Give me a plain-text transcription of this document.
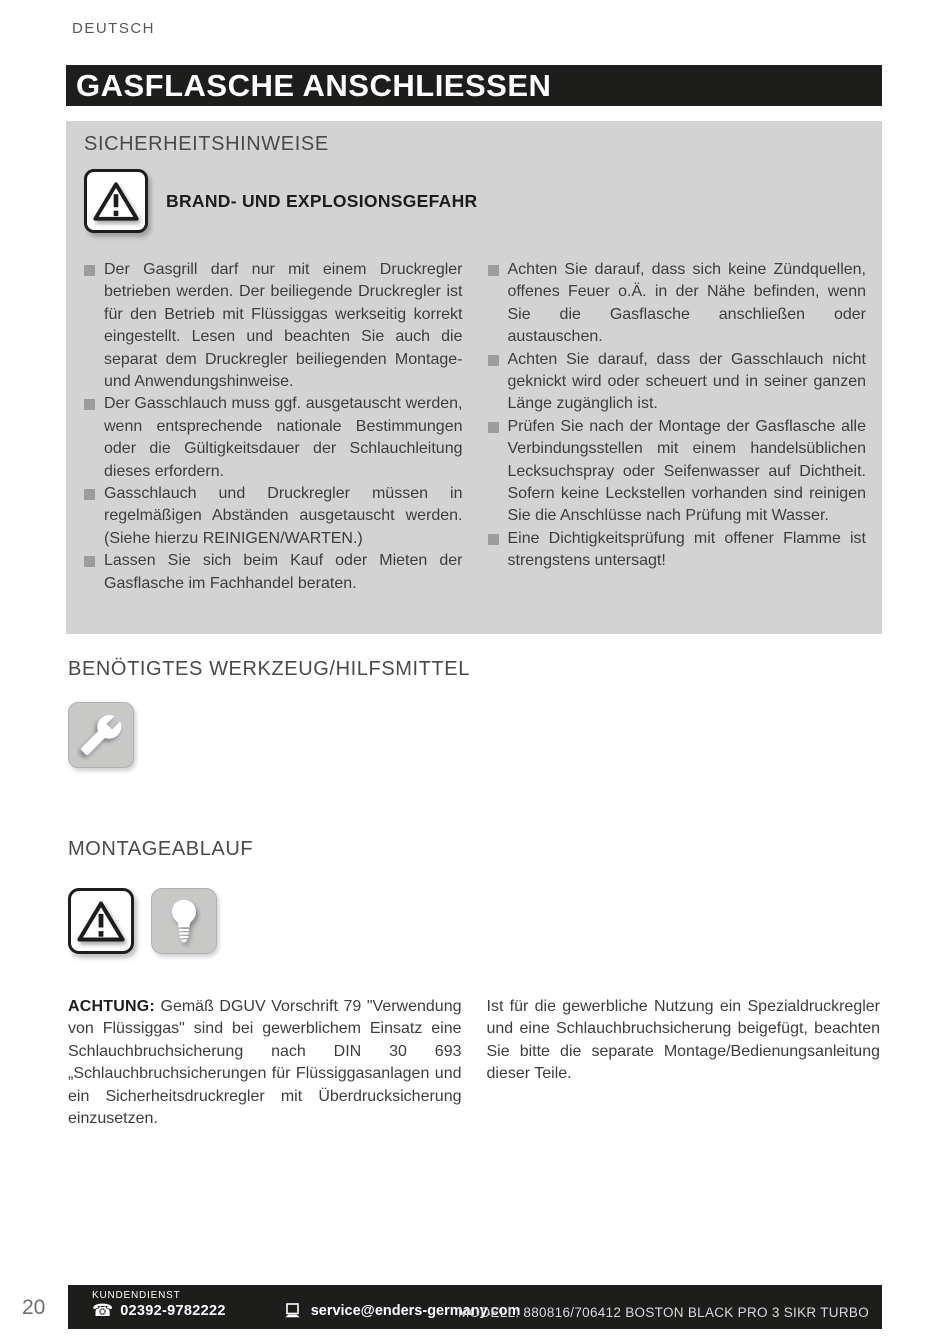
DEUTSCH
GASFLASCHE ANSCHLIESSEN
SICHERHEITSHINWEISE
BRAND- UND EXPLOSIONSGEFAHR
Der Gasgrill darf nur mit einem Druckregler betrieben werden. Der beiliegende Druckregler ist für den Betrieb mit Flüssiggas werkseitig korrekt eingestellt. Lesen und beachten Sie auch die separat dem Druckregler beiliegenden Montage- und Anwendungshinweise.
Der Gasschlauch muss ggf. ausgetauscht werden, wenn entsprechende nationale Bestimmungen oder die Gültigkeitsdauer der Schlauchleitung dieses erfordern.
Gasschlauch und Druckregler müssen in regelmäßigen Abständen ausgetauscht werden. (Siehe hierzu REINIGEN/WARTEN.)
Lassen Sie sich beim Kauf oder Mieten der Gasflasche im Fachhandel beraten.
Achten Sie darauf, dass sich keine Zündquellen, offenes Feuer o.Ä. in der Nähe befinden, wenn Sie die Gasflasche anschließen oder austauschen.
Achten Sie darauf, dass der Gasschlauch nicht geknickt wird oder scheuert und in seiner ganzen Länge zugänglich ist.
Prüfen Sie nach der Montage der Gasflasche alle Verbindungsstellen mit einem handelsüblichen Lecksuchspray oder Seifenwasser auf Dichtheit. Sofern keine Leckstellen vorhanden sind reinigen Sie die Anschlüsse nach Prüfung mit Wasser.
Eine Dichtigkeitsprüfung mit offener Flamme ist strengstens untersagt!
BENÖTIGTES WERKZEUG/HILFSMITTEL
MONTAGEABLAUF

ACHTUNG: Gemäß DGUV Vorschrift 79 "Verwendung von Flüssiggas" sind bei gewerblichem Einsatz eine Schlauchbruchsicherung nach DIN 30 693 „Schlauchbruchsicherungen für Flüssiggasanlagen und ein Sicherheitsdruckregler mit Überdrucksicherung einzusetzen.

Ist für die gewerbliche Nutzung ein Spezialdruckregler und eine Schlauchbruchsicherung beigefügt, beachten Sie bitte die separate Montage/Bedienungsanleitung dieser Teile.

20
KUNDENDIENST
☎ 02392-9782222	service@enders-germany.com
MODELL: 880816/706412 BOSTON BLACK PRO 3 SIKR TURBO
